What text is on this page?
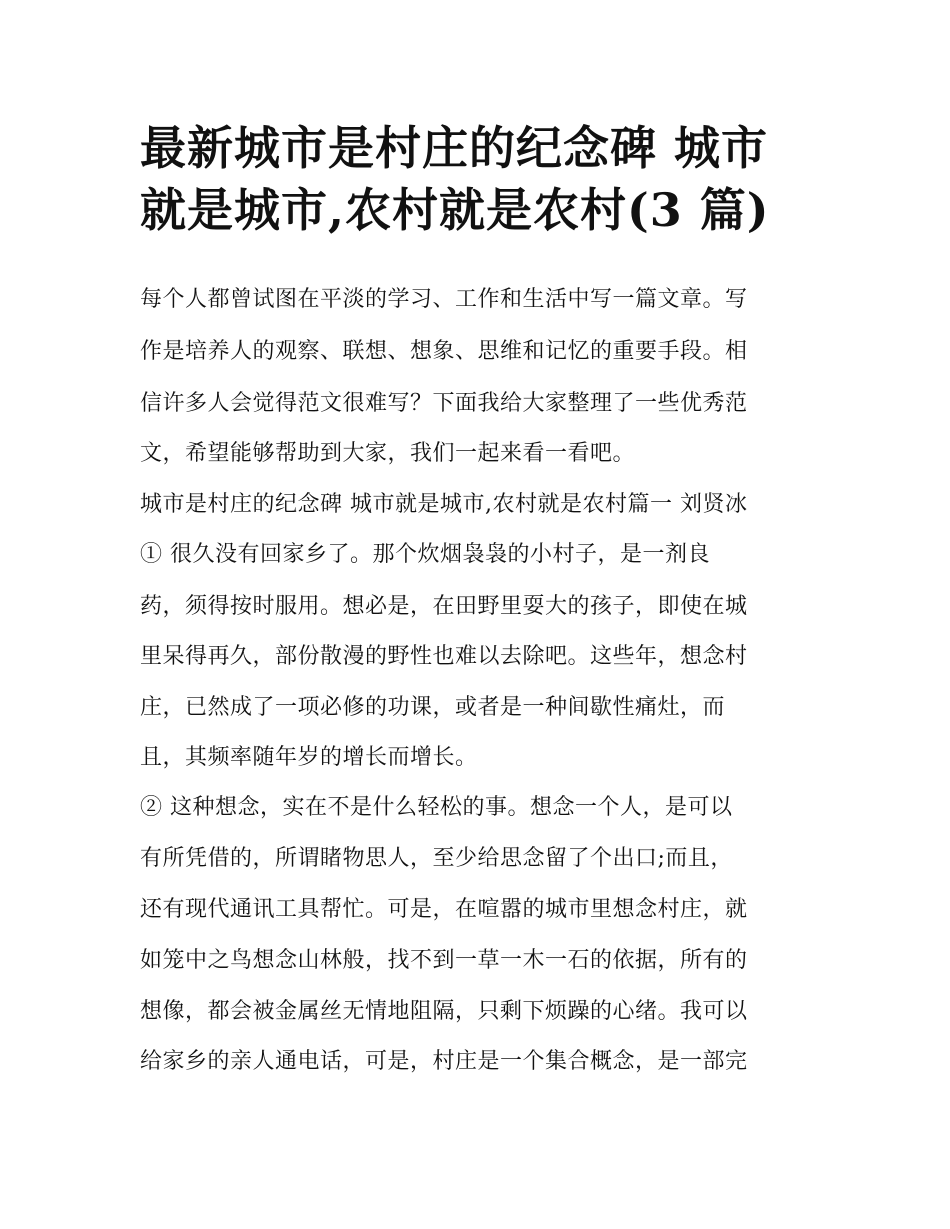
最新城市是村庄的纪念碑 城市
就是城市,农村就是农村(3 篇)
每个人都曾试图在平淡的学习、工作和生活中写一篇文章。写
作是培养人的观察、联想、想象、思维和记忆的重要手段。相
信许多人会觉得范文很难写？下面我给大家整理了一些优秀范
文，希望能够帮助到大家，我们一起来看一看吧。
城市是村庄的纪念碑 城市就是城市,农村就是农村篇一 刘贤冰
① 很久没有回家乡了。那个炊烟袅袅的小村子，是一剂良
药，须得按时服用。想必是，在田野里耍大的孩子，即使在城
里呆得再久，部份散漫的野性也难以去除吧。这些年，想念村
庄，已然成了一项必修的功课，或者是一种间歇性痛灶，而
且，其频率随年岁的增长而增长。
② 这种想念，实在不是什么轻松的事。想念一个人，是可以
有所凭借的，所谓睹物思人，至少给思念留了个出口;而且，
还有现代通讯工具帮忙。可是，在喧嚣的城市里想念村庄，就
如笼中之鸟想念山林般，找不到一草一木一石的依据，所有的
想像，都会被金属丝无情地阻隔，只剩下烦躁的心绪。我可以
给家乡的亲人通电话，可是，村庄是一个集合概念，是一部完
